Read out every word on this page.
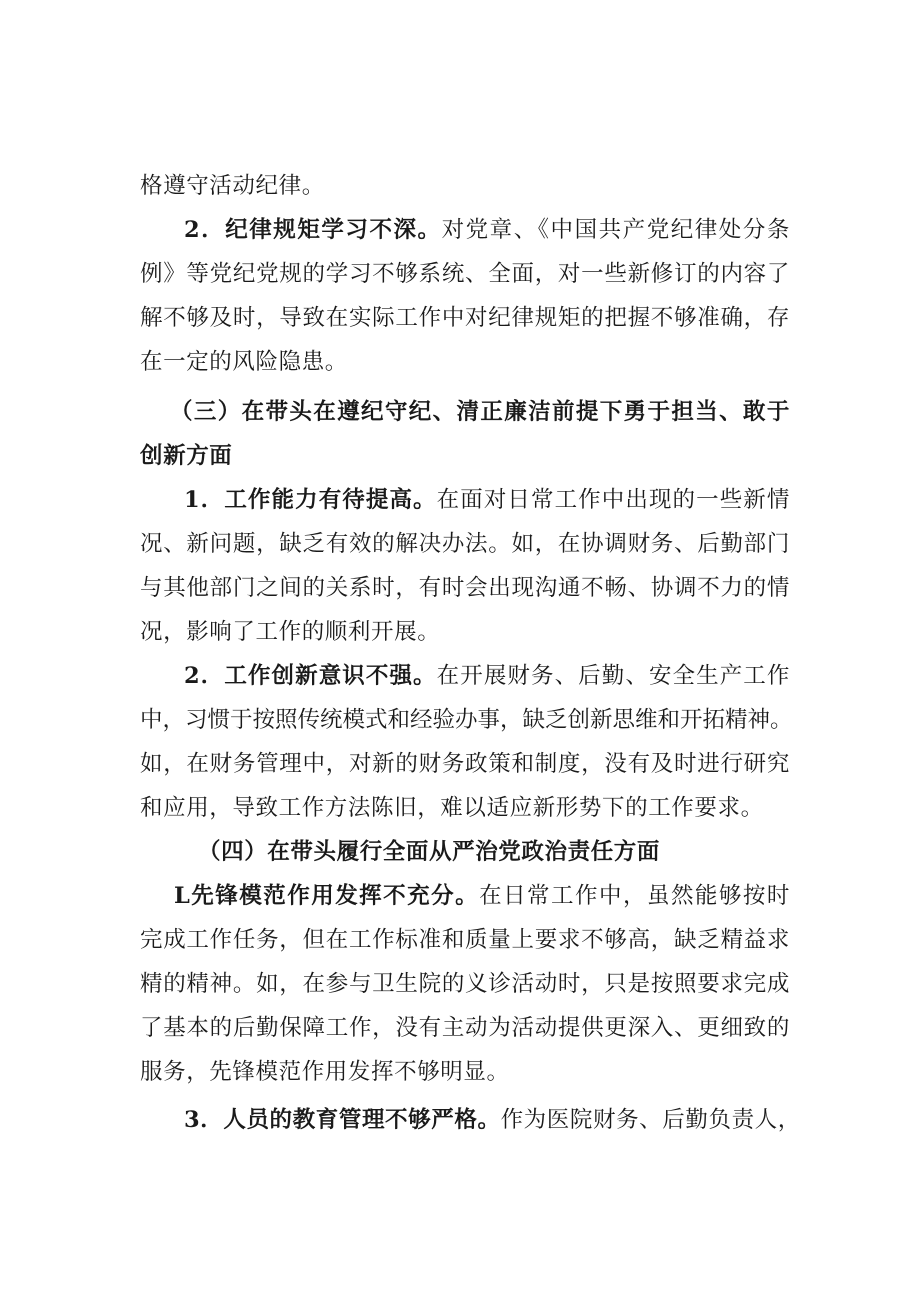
格遵守活动纪律。
2．纪律规矩学习不深。对党章、《中国共产党纪律处分条
例》等党纪党规的学习不够系统、全面，对一些新修订的内容了
解不够及时，导致在实际工作中对纪律规矩的把握不够准确，存
在一定的风险隐患。
（三）在带头在遵纪守纪、清正廉洁前提下勇于担当、敢于
创新方面
1．工作能力有待提高。在面对日常工作中出现的一些新情
况、新问题，缺乏有效的解决办法。如，在协调财务、后勤部门
与其他部门之间的关系时，有时会出现沟通不畅、协调不力的情
况，影响了工作的顺利开展。
2．工作创新意识不强。在开展财务、后勤、安全生产工作
中，习惯于按照传统模式和经验办事，缺乏创新思维和开拓精神。
如，在财务管理中，对新的财务政策和制度，没有及时进行研究
和应用，导致工作方法陈旧，难以适应新形势下的工作要求。
（四）在带头履行全面从严治党政治责任方面
L先锋模范作用发挥不充分。在日常工作中，虽然能够按时
完成工作任务，但在工作标准和质量上要求不够高，缺乏精益求
精的精神。如，在参与卫生院的义诊活动时，只是按照要求完成
了基本的后勤保障工作，没有主动为活动提供更深入、更细致的
服务，先锋模范作用发挥不够明显。
3．人员的教育管理不够严格。作为医院财务、后勤负责人，
